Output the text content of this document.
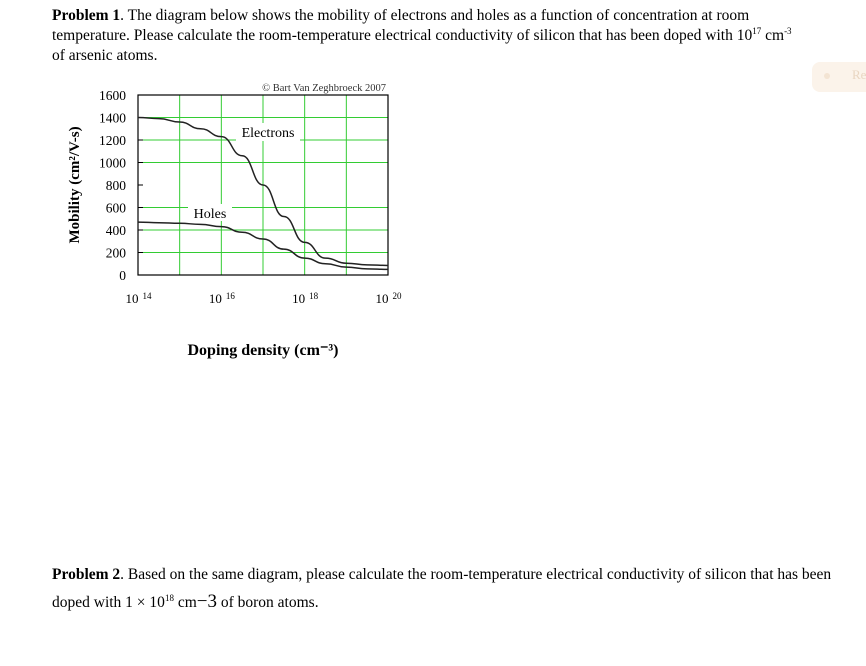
Problem 1. The diagram below shows the mobility of electrons and holes as a function of concentration at room temperature. Please calculate the room-temperature electrical conductivity of silicon that has been doped with $10^{17}$ $cm^{-3}$ of arsenic atoms.
© Bart Van Zeghbroeck 2007
0
200
400
600
800
1000
1200
1400
1600
10 14	10 16	10 18	10 20
Electrons
Holes
Mobility (cm²/V-s)
Doping density (cm⁻³)
Problem 2. Based on the same diagram, please calculate the room-temperature electrical conductivity of silicon that has been doped with $1 \times 10^{18}$ cm−3 of boron atoms.
Re
